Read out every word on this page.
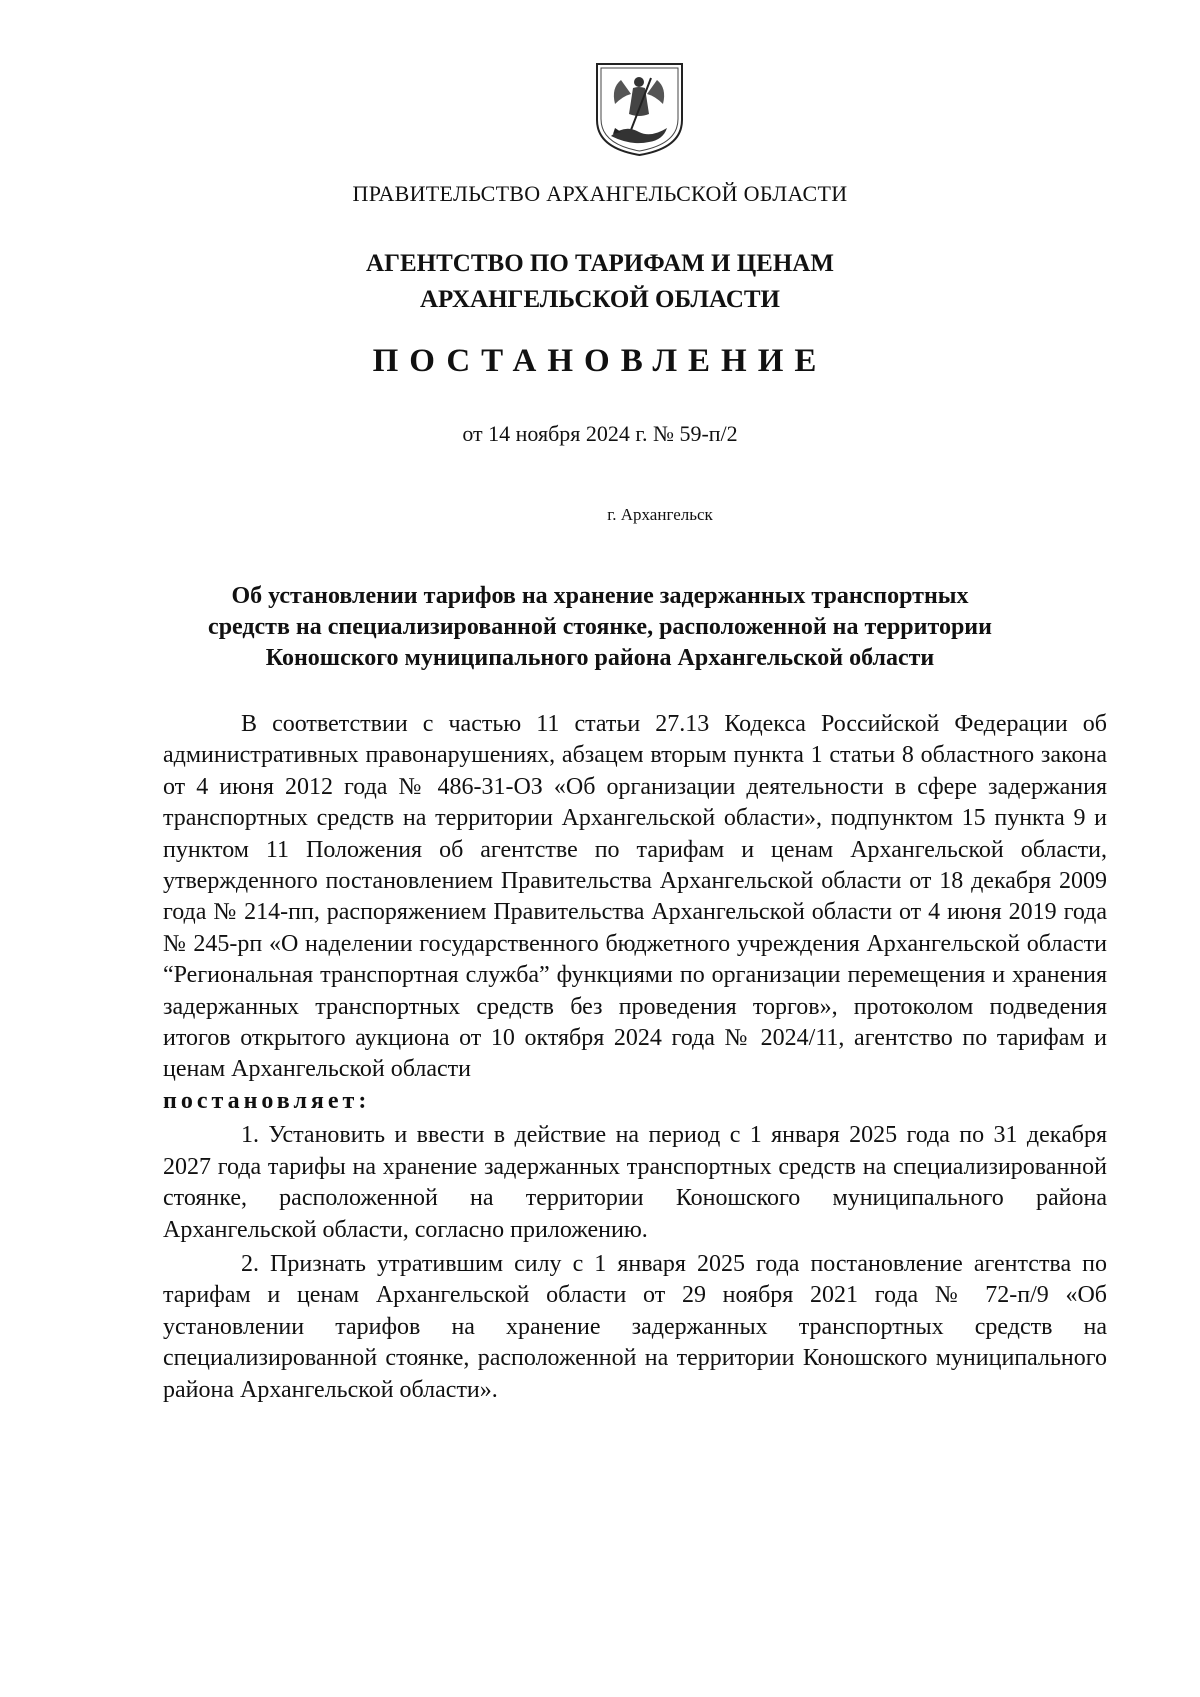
ПРАВИТЕЛЬСТВО АРХАНГЕЛЬСКОЙ ОБЛАСТИ
АГЕНТСТВО ПО ТАРИФАМ И ЦЕНАМ
АРХАНГЕЛЬСКОЙ ОБЛАСТИ
ПОСТАНОВЛЕНИЕ
от 14 ноября 2024 г. № 59-п/2
г. Архангельск
Об установлении тарифов на хранение задержанных транспортных
средств на специализированной стоянке, расположенной на территории
Коношского муниципального района Архангельской области

В соответствии с частью 11 статьи 27.13 Кодекса Российской Федерации об административных правонарушениях, абзацем вторым пункта 1 статьи 8 областного закона от 4 июня 2012 года № 486-31-ОЗ «Об организации деятельности в сфере задержания транспортных средств на территории Архангельской области», подпунктом 15 пункта 9 и пунктом 11 Положения об агентстве по тарифам и ценам Архангельской области, утвержденного постановлением Правительства Архангельской области от 18 декабря 2009 года № 214-пп, распоряжением Правительства Архангельской области от 4 июня 2019 года № 245-рп «О наделении государственного бюджетного учреждения Архангельской области “Региональная транспортная служба” функциями по организации перемещения и хранения задержанных транспортных средств без проведения торгов», протоколом подведения итогов открытого аукциона от 10 октября 2024 года № 2024/11, агентство по тарифам и ценам Архангельской области

постановляет:

1. Установить и ввести в действие на период с 1 января 2025 года по 31 декабря 2027 года тарифы на хранение задержанных транспортных средств на специализированной стоянке, расположенной на территории Коношского муниципального района Архангельской области, согласно приложению.

2. Признать утратившим силу с 1 января 2025 года постановление агентства по тарифам и ценам Архангельской области от 29 ноября 2021 года № 72-п/9 «Об установлении тарифов на хранение задержанных транспортных средств на специализированной стоянке, расположенной на территории Коношского муниципального района Архангельской области».
